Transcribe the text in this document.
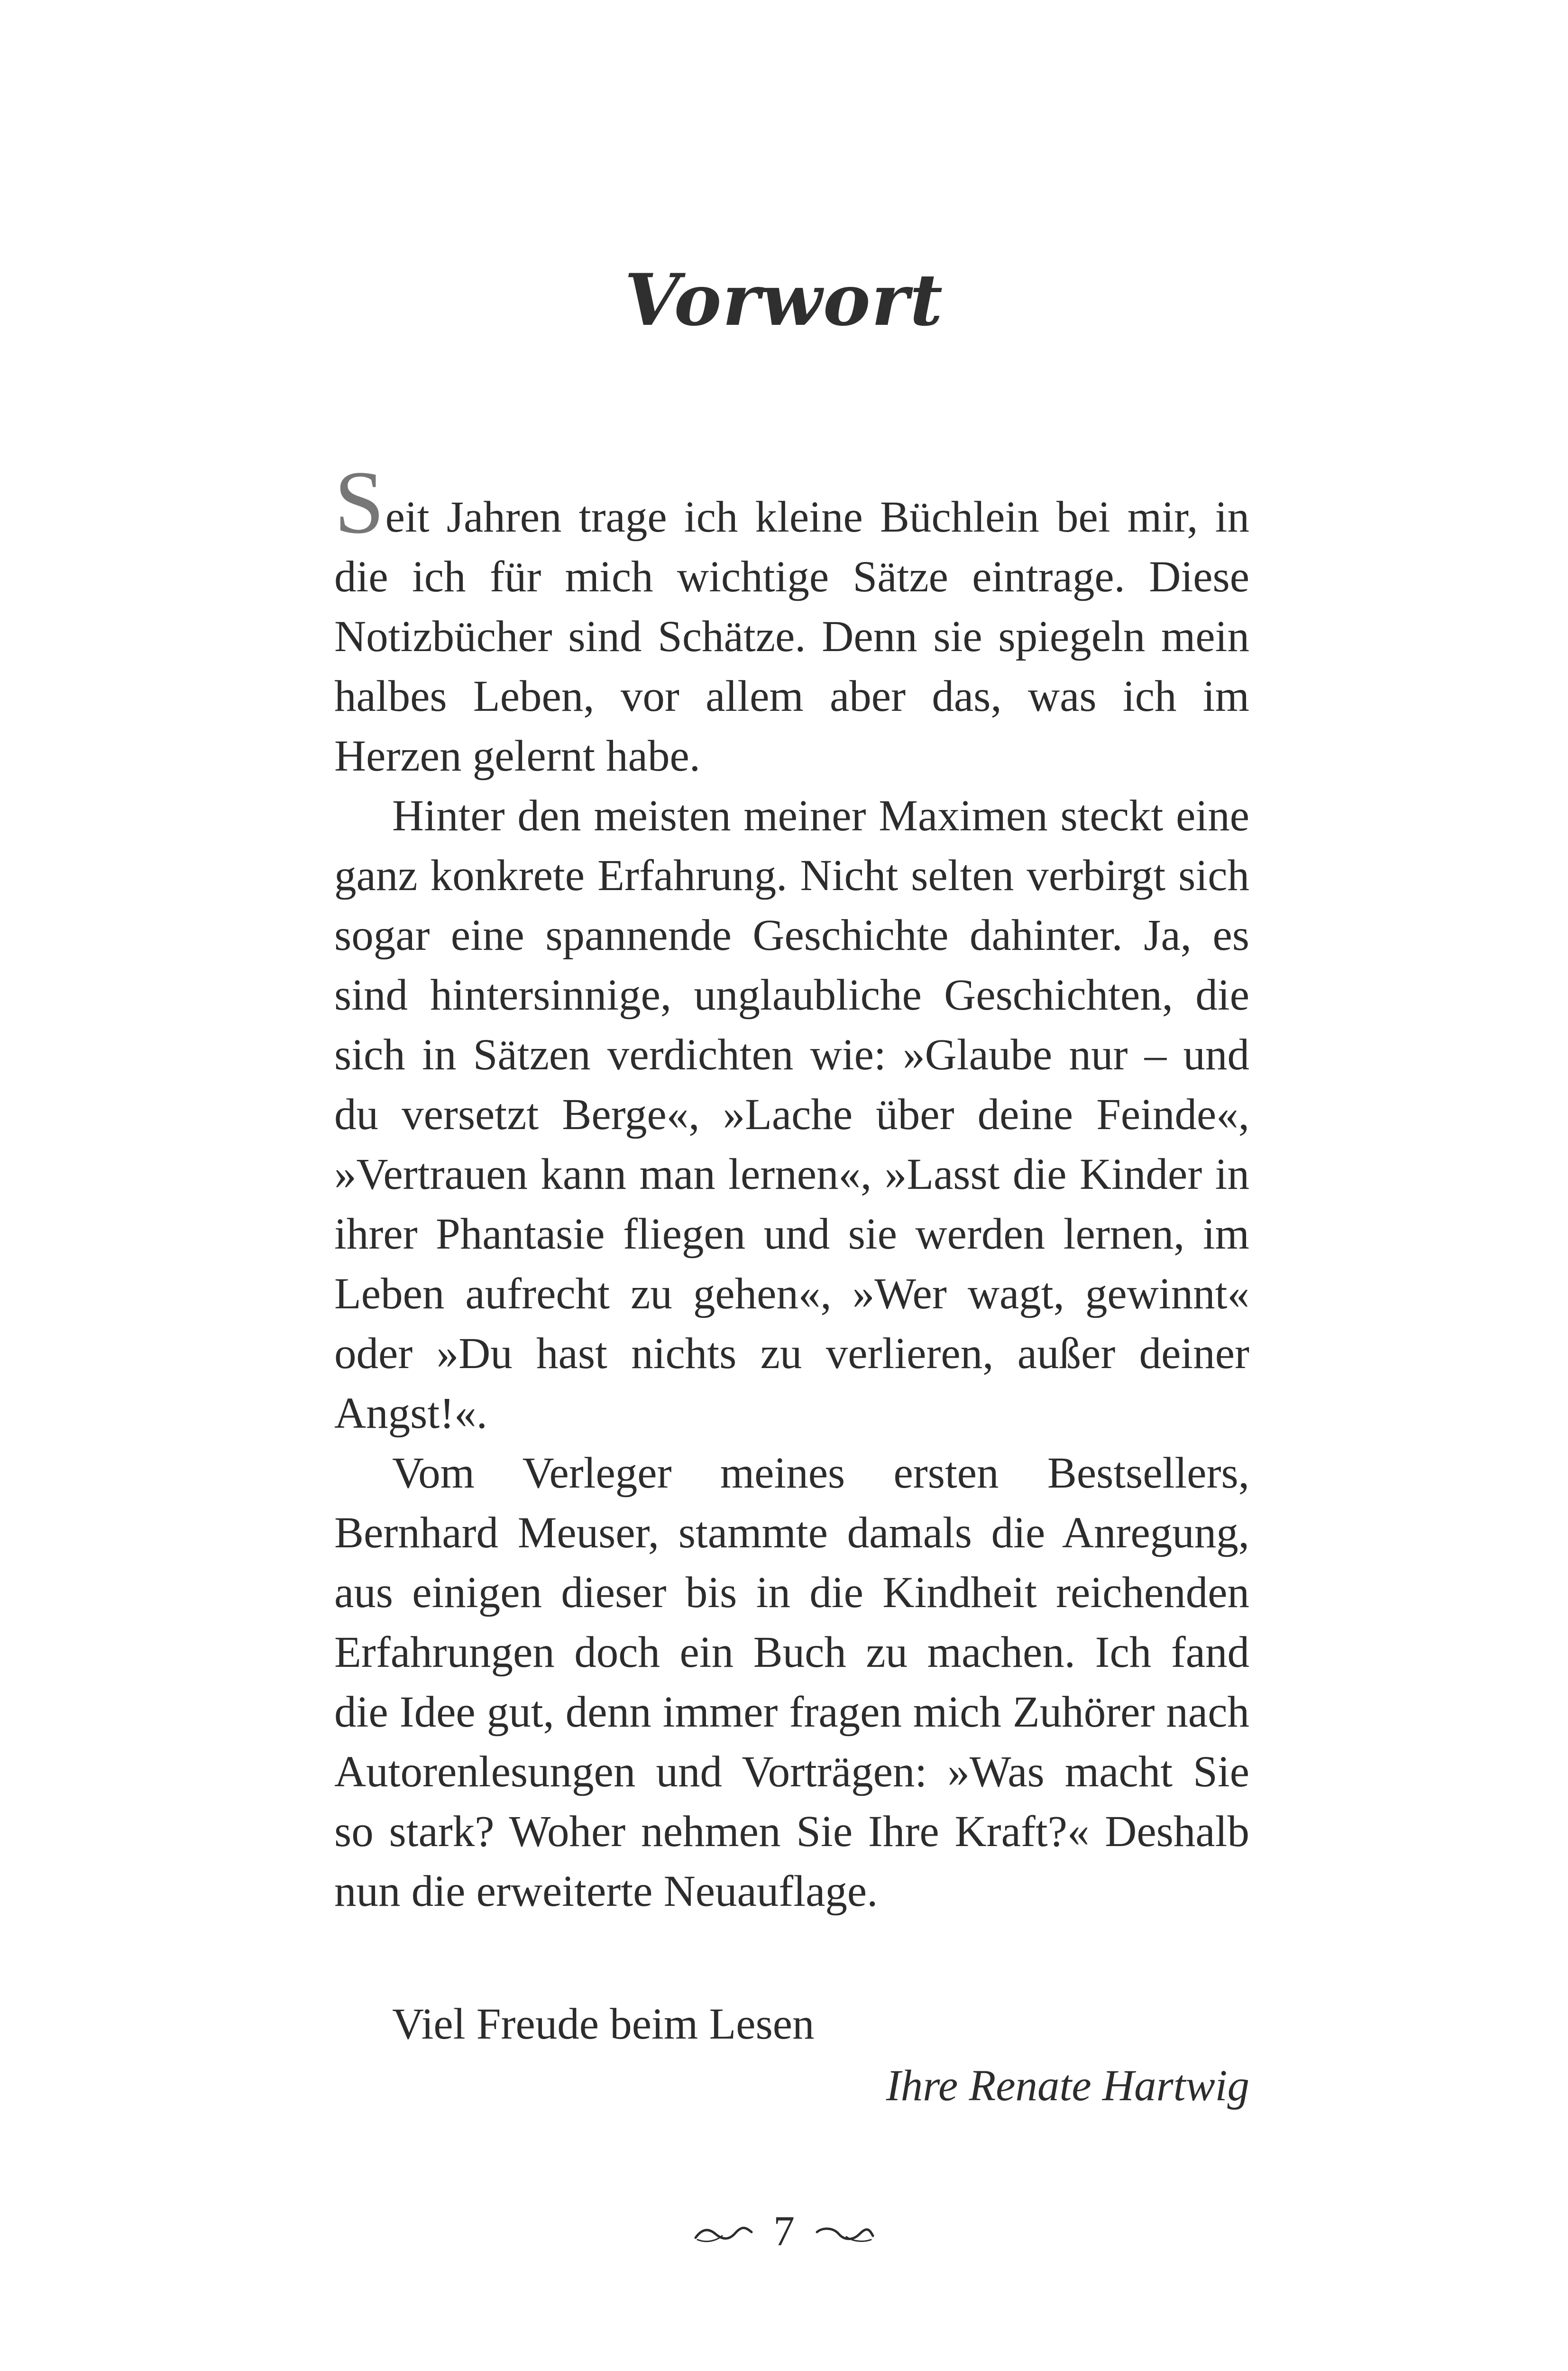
Vorwort

Seit Jahren trage ich kleine Büchlein bei mir, in die ich für mich wichtige Sätze eintrage. Diese Notizbücher sind Schätze. Denn sie spiegeln mein halbes Leben, vor allem aber das, was ich im Herzen gelernt habe.

Hinter den meisten meiner Maximen steckt eine ganz konkrete Erfahrung. Nicht selten verbirgt sich sogar eine spannende Geschichte dahinter. Ja, es sind hintersinnige, unglaubliche Geschichten, die sich in Sätzen verdichten wie: »Glaube nur – und du versetzt Berge«, »Lache über deine Feinde«, »Vertrauen kann man lernen«, »Lasst die Kinder in ihrer Phantasie fliegen und sie werden lernen, im Leben aufrecht zu gehen«, »Wer wagt, gewinnt« oder »Du hast nichts zu verlieren, außer deiner Angst!«.

Vom Verleger meines ersten Bestsellers, Bernhard Meuser, stammte damals die Anregung, aus einigen dieser bis in die Kindheit reichenden Erfahrungen doch ein Buch zu machen. Ich fand die Idee gut, denn immer fragen mich Zuhörer nach Autorenlesungen und Vorträgen: »Was macht Sie so stark? Woher nehmen Sie Ihre Kraft?« Deshalb nun die erweiterte Neuauflage.

Viel Freude beim Lesen
Ihre Renate Hartwig
7
